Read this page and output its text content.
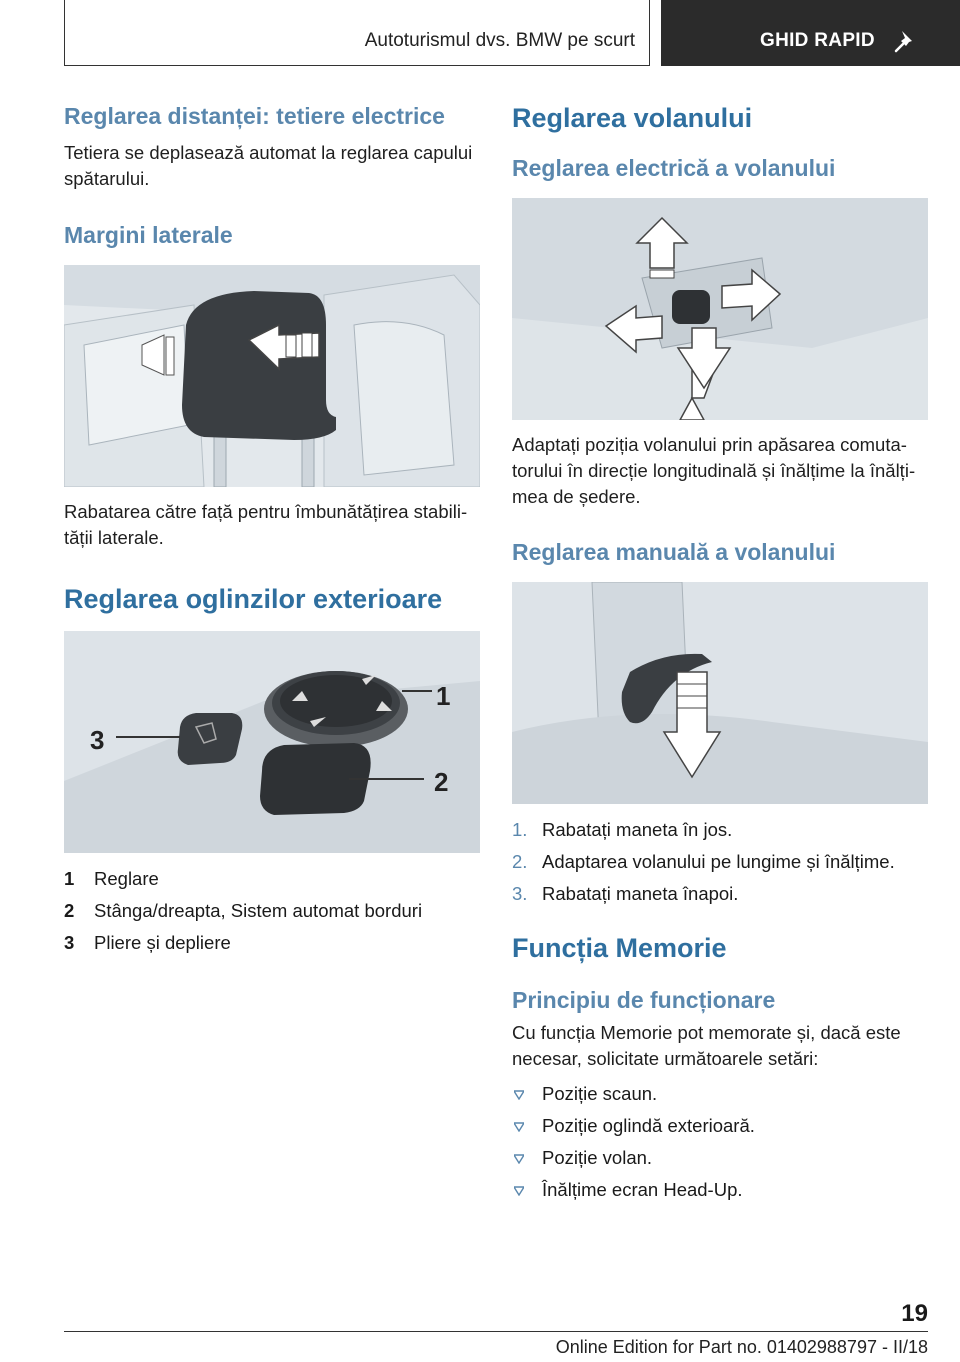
Autoturismul dvs. BMW pe scurt	GHID RAPID
Reglarea distanței: tetiere electrice
Tetiera se deplasează automat la reglarea capului spătarului.
Margini laterale
Rabatarea către față pentru îmbunătățirea stabilității laterale.
Reglarea oglinzilor exterioare
1
2
3
1 Reglare
2 Stânga/dreapta, Sistem automat borduri
3 Pliere și depliere
Reglarea volanului
Reglarea electrică a volanului
Adaptați poziția volanului prin apăsarea comutatorului în direcție longitudinală și înălțime la înălțimea de ședere.
Reglarea manuală a volanului
1. Rabatați maneta în jos.
2. Adaptarea volanului pe lungime și înălțime.
3. Rabatați maneta înapoi.
Funcția Memorie
Principiu de funcționare
Cu funcția Memorie pot memorate și, dacă este necesar, solicitate următoarele setări:
Poziție scaun.
Poziție oglindă exterioară.
Poziție volan.
Înălțime ecran Head-Up.
19
Online Edition for Part no. 01402988797 - II/18
